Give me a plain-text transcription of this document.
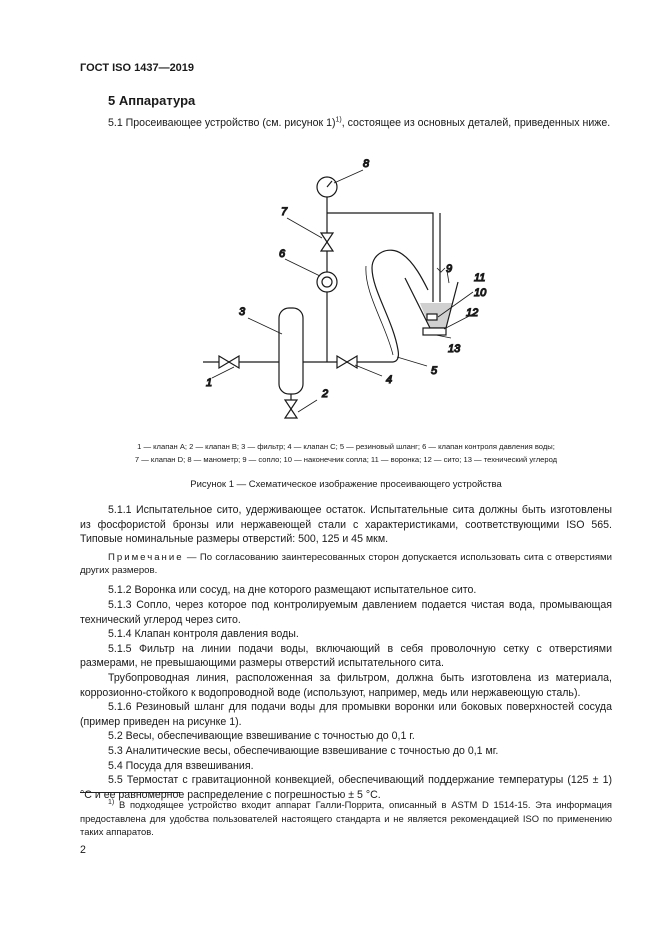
ГОСТ ISO 1437—2019
5 Аппаратура
5.1 Просеивающее устройство (см. рисунок 1)$^{1)}$, состоящее из основных деталей, приведенных ниже.
1
2
3
4
5
6
7
8
9
11
10
12
13
1 — клапан A; 2 — клапан B; 3 — фильтр; 4 — клапан C; 5 — резиновый шланг; 6 — клапан контроля давления воды;
7 — клапан D; 8 — манометр; 9 — сопло; 10 — наконечник сопла; 11 — воронка; 12 — сито; 13 — технический углерод
Рисунок 1 — Схематическое изображение просеивающего устройства
5.1.1 Испытательное сито, удерживающее остаток. Испытательные сита должны быть изготовлены из фосфористой бронзы или нержавеющей стали с характеристиками, соответствующими ISO 565. Типовые номинальные размеры отверстий: 500, 125 и 45 мкм.
Примечание — По согласованию заинтересованных сторон допускается использовать сита с отверстиями других размеров.
5.1.2 Воронка или сосуд, на дне которого размещают испытательное сито.
5.1.3 Сопло, через которое под контролируемым давлением подается чистая вода, промывающая технический углерод через сито.
5.1.4 Клапан контроля давления воды.
5.1.5 Фильтр на линии подачи воды, включающий в себя проволочную сетку с отверстиями размерами, не превышающими размеры отверстий испытательного сита.
Трубопроводная линия, расположенная за фильтром, должна быть изготовлена из материала, коррозионно-стойкого к водопроводной воде (используют, например, медь или нержавеющую сталь).
5.1.6 Резиновый шланг для подачи воды для промывки воронки или боковых поверхностей сосуда (пример приведен на рисунке 1).
5.2 Весы, обеспечивающие взвешивание с точностью до 0,1 г.
5.3 Аналитические весы, обеспечивающие взвешивание с точностью до 0,1 мг.
5.4 Посуда для взвешивания.
5.5 Термостат с гравитационной конвекцией, обеспечивающий поддержание температуры (125 ± 1) °С и ее равномерное распределение с погрешностью ± 5 °С.
$^{1)}$ В подходящее устройство входит аппарат Галли-Поррита, описанный в ASTM D 1514-15. Эта информация предоставлена для удобства пользователей настоящего стандарта и не является рекомендацией ISO по применению таких аппаратов.
2
